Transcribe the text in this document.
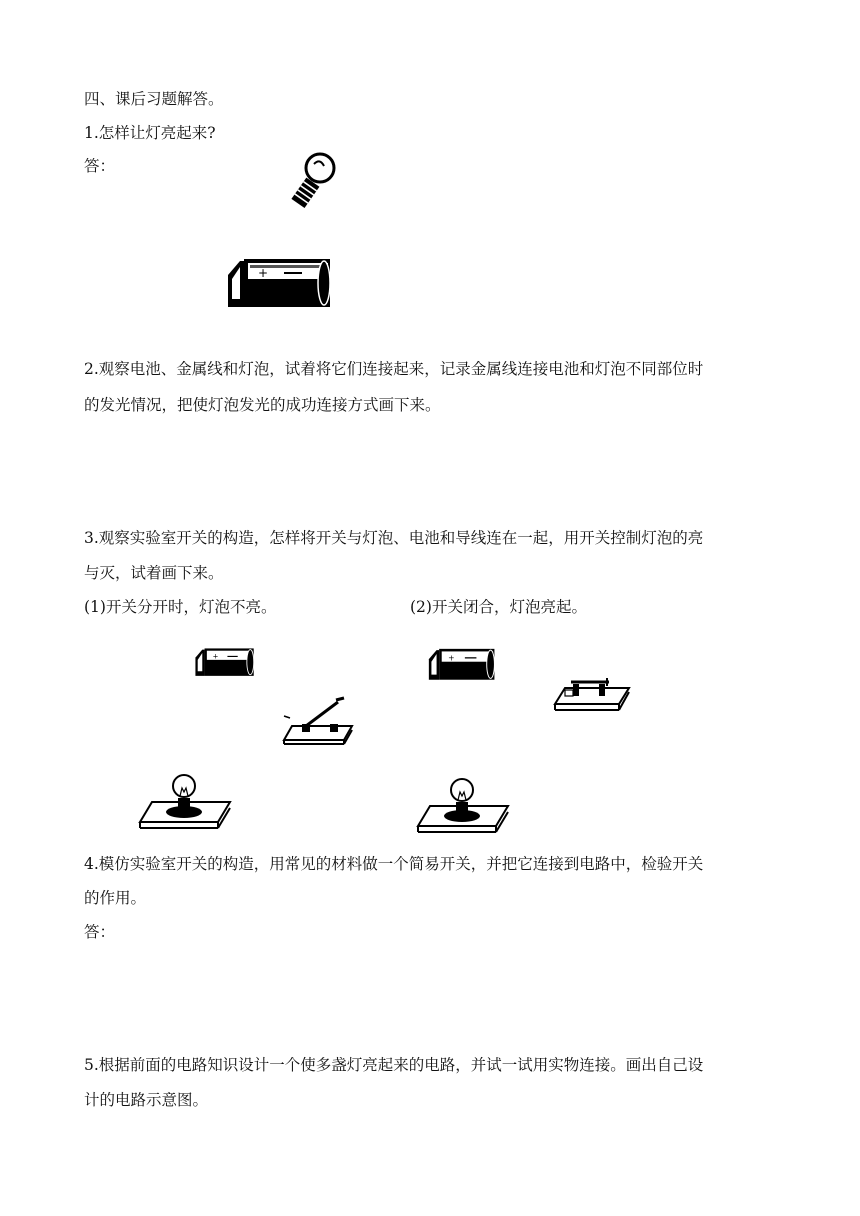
四、课后习题解答。
1.怎样让灯亮起来?
答：
+
2.观察电池、金属线和灯泡，试着将它们连接起来，记录金属线连接电池和灯泡不同部位时
的发光情况，把使灯泡发光的成功连接方式画下来。
3.观察实验室开关的构造，怎样将开关与灯泡、电池和导线连在一起，用开关控制灯泡的亮
与灭，试着画下来。
(1)开关分开时，灯泡不亮。	(2)开关闭合，灯泡亮起。
+	+
4.模仿实验室开关的构造，用常见的材料做一个简易开关，并把它连接到电路中，检验开关
的作用。
答：
5.根据前面的电路知识设计一个使多盏灯亮起来的电路，并试一试用实物连接。画出自己设
计的电路示意图。
